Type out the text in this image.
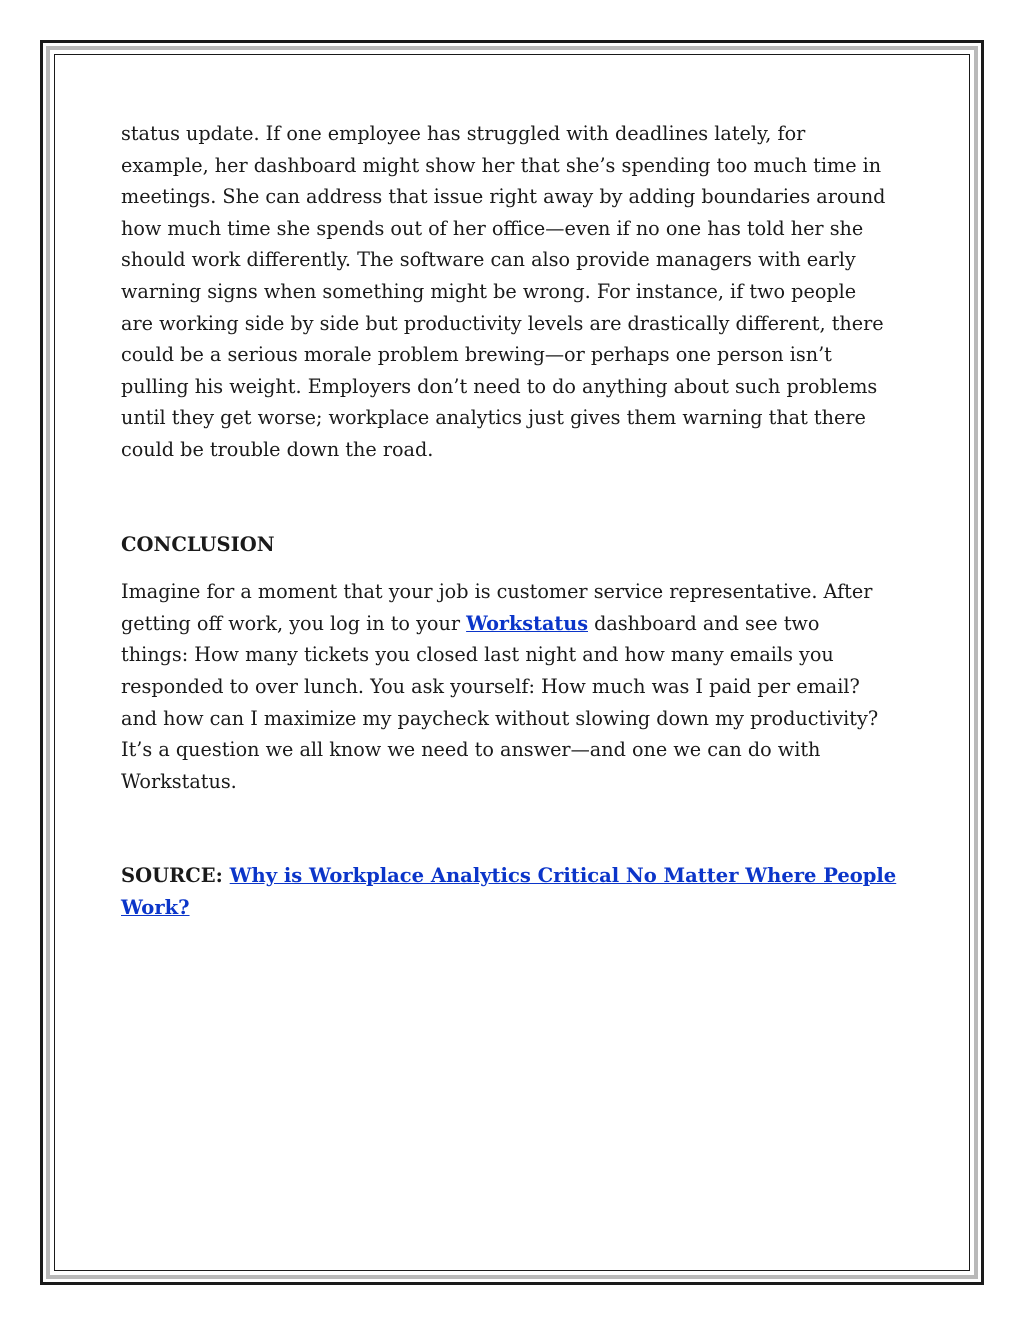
status update. If one employee has struggled with deadlines lately, for
example, her dashboard might show her that she’s spending too much time in
meetings. She can address that issue right away by adding boundaries around
how much time she spends out of her office—even if no one has told her she
should work differently. The software can also provide managers with early
warning signs when something might be wrong. For instance, if two people
are working side by side but productivity levels are drastically different, there
could be a serious morale problem brewing—or perhaps one person isn’t
pulling his weight. Employers don’t need to do anything about such problems
until they get worse; workplace analytics just gives them warning that there
could be trouble down the road.

CONCLUSION

Imagine for a moment that your job is customer service representative. After
getting off work, you log in to your Workstatus dashboard and see two
things: How many tickets you closed last night and how many emails you
responded to over lunch. You ask yourself: How much was I paid per email?
and how can I maximize my paycheck without slowing down my productivity?
It’s a question we all know we need to answer—and one we can do with
Workstatus.

SOURCE: Why is Workplace Analytics Critical No Matter Where People
Work?
